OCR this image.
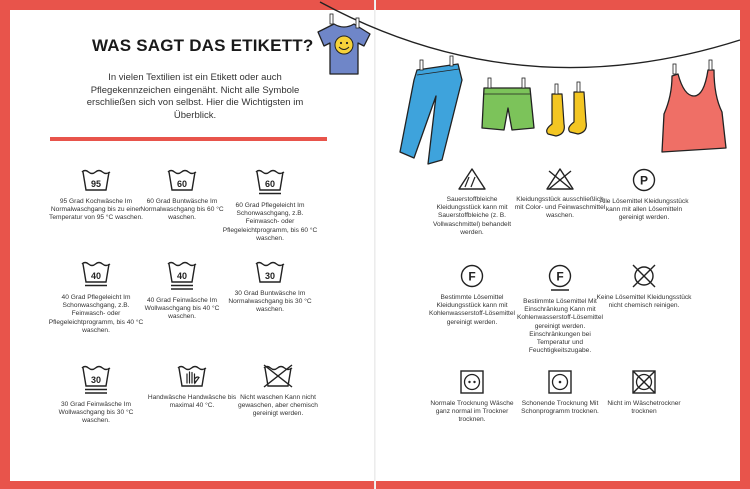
WAS SAGT DAS ETIKETT?

In vielen Textilien ist ein Etikett oder auch Pflegekennzeichen eingenäht. Nicht alle Symbole erschließen sich von selbst. Hier die Wichtigsten im Überblick.

95

95 Grad Kochwäsche Im Normalwaschgang bis zu einer Temperatur von 95 °C waschen.

60

60 Grad Buntwäsche Im Normalwaschgang bis 60 °C waschen.

60

60 Grad Pflegeleicht Im Schonwaschgang, z.B. Feinwasch- oder Pflegeleichtprogramm, bis 60 °C waschen.

40

40 Grad Pflegeleicht Im Schonwaschgang, z.B. Feinwasch- oder Pflegeleichtprogramm, bis 40 °C waschen.

40

40 Grad Feinwäsche Im Wollwaschgang bis 40 °C waschen.

30

30 Grad Buntwäsche Im Normalwaschgang bis 30 °C waschen.

30

30 Grad Feinwäsche Im Wollwaschgang bis 30 °C waschen.

Handwäsche Handwäsche bis maximal 40 °C.

Nicht waschen Kann nicht gewaschen, aber chemisch gereinigt werden.

Sauerstoffbleiche Kleidungsstück kann mit Sauerstoffbleiche (z. B. Vollwaschmittel) behandelt werden.

Kleidungsstück ausschließlich mit Color- und Feinwaschmittel waschen.

P

Alle Lösemittel Kleidungsstück kann mit allen Lösemitteln gereinigt werden.

F

Bestimmte Lösemittel Kleidungsstück kann mit Kohlenwasserstoff-Lösemittel gereinigt werden.

F

Bestimmte Lösemittel Mit Einschränkung Kann mit Kohlenwasserstoff-Lösemittel gereinigt werden. Einschränkungen bei Temperatur und Feuchtigkeitszugabe.

Keine Lösemittel Kleidungsstück nicht chemisch reinigen.

Normale Trocknung Wäsche ganz normal im Trockner trocknen.

Schonende Trocknung Mit Schonprogramm trocknen.

Nicht im Wäschetrockner trocknen
